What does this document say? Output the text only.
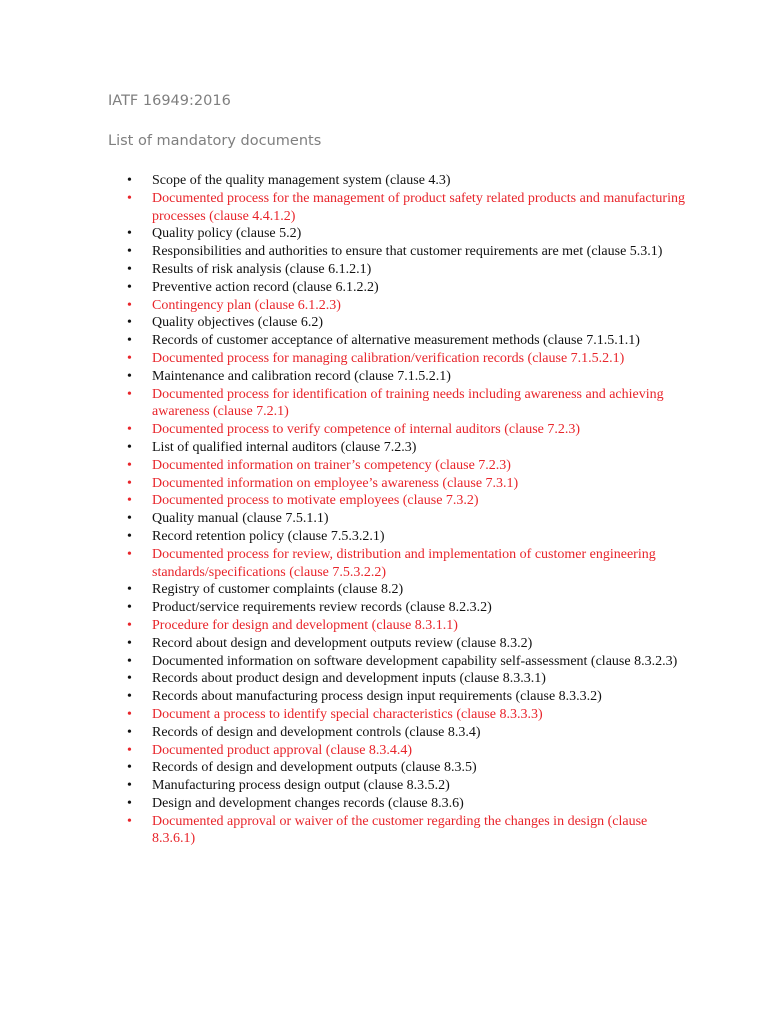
IATF 16949:2016
List of mandatory documents
• Scope of the quality management system (clause 4.3)
• Documented process for the management of product safety related products and manufacturing processes (clause 4.4.1.2)
• Quality policy (clause 5.2)
• Responsibilities and authorities to ensure that customer requirements are met (clause 5.3.1)
• Results of risk analysis (clause 6.1.2.1)
• Preventive action record (clause 6.1.2.2)
• Contingency plan (clause 6.1.2.3)
• Quality objectives (clause 6.2)
• Records of customer acceptance of alternative measurement methods (clause 7.1.5.1.1)
• Documented process for managing calibration/verification records (clause 7.1.5.2.1)
• Maintenance and calibration record (clause 7.1.5.2.1)
• Documented process for identification of training needs including awareness and achieving awareness (clause 7.2.1)
• Documented process to verify competence of internal auditors (clause 7.2.3)
• List of qualified internal auditors (clause 7.2.3)
• Documented information on trainer’s competency (clause 7.2.3)
• Documented information on employee’s awareness (clause 7.3.1)
• Documented process to motivate employees (clause 7.3.2)
• Quality manual (clause 7.5.1.1)
• Record retention policy (clause 7.5.3.2.1)
• Documented process for review, distribution and implementation of customer engineering standards/specifications (clause 7.5.3.2.2)
• Registry of customer complaints (clause 8.2)
• Product/service requirements review records (clause 8.2.3.2)
• Procedure for design and development (clause 8.3.1.1)
• Record about design and development outputs review (clause 8.3.2)
• Documented information on software development capability self-assessment (clause 8.3.2.3)
• Records about product design and development inputs (clause 8.3.3.1)
• Records about manufacturing process design input requirements (clause 8.3.3.2)
• Document a process to identify special characteristics (clause 8.3.3.3)
• Records of design and development controls (clause 8.3.4)
• Documented product approval (clause 8.3.4.4)
• Records of design and development outputs (clause 8.3.5)
• Manufacturing process design output (clause 8.3.5.2)
• Design and development changes records (clause 8.3.6)
• Documented approval or waiver of the customer regarding the changes in design (clause 8.3.6.1)
